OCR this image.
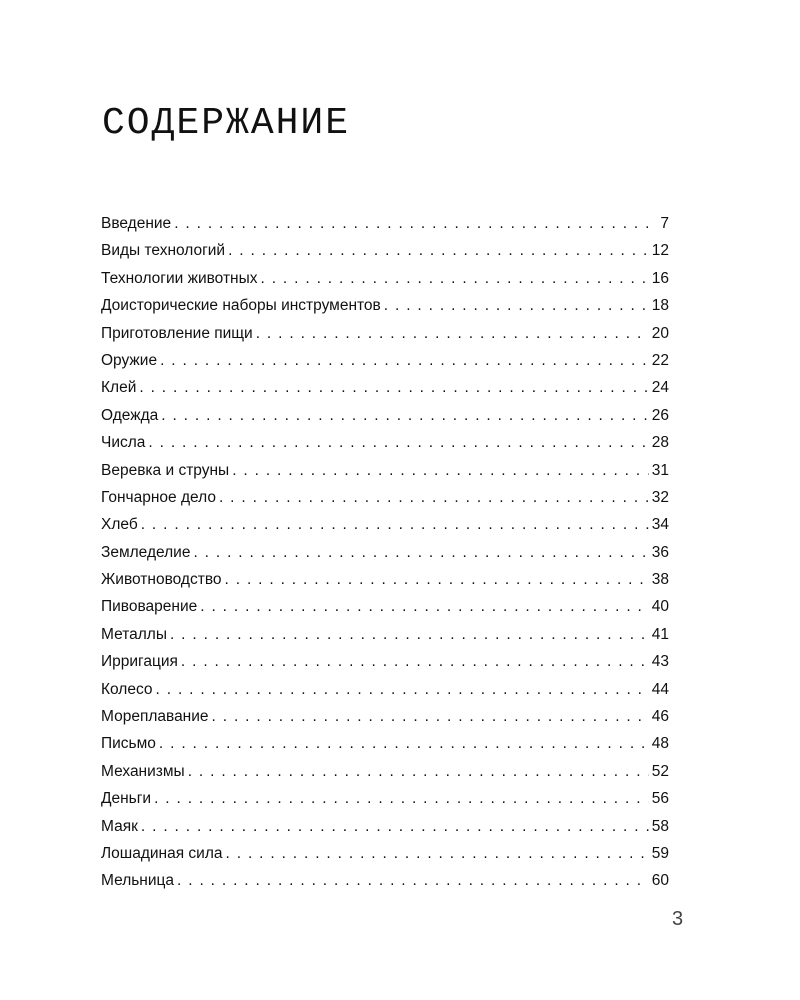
СОДЕРЖАНИЕ
Введение . . .	7
Виды технологий . . .	12
Технологии животных . . .	16
Доисторические наборы инструментов . . .	18
Приготовление пищи . . .	20
Оружие . . .	22
Клей . . .	24
Одежда . . .	26
Числа . . .	28
Веревка и струны . . .	31
Гончарное дело . . .	32
Хлеб . . .	34
Земледелие . . .	36
Животноводство . . .	38
Пивоварение . . .	40
Металлы . . .	41
Ирригация . . .	43
Колесо . . .	44
Мореплавание . . .	46
Письмо . . .	48
Механизмы . . .	52
Деньги . . .	56
Маяк . . .	58
Лошадиная сила . . .	59
Мельница . . .	60
3
